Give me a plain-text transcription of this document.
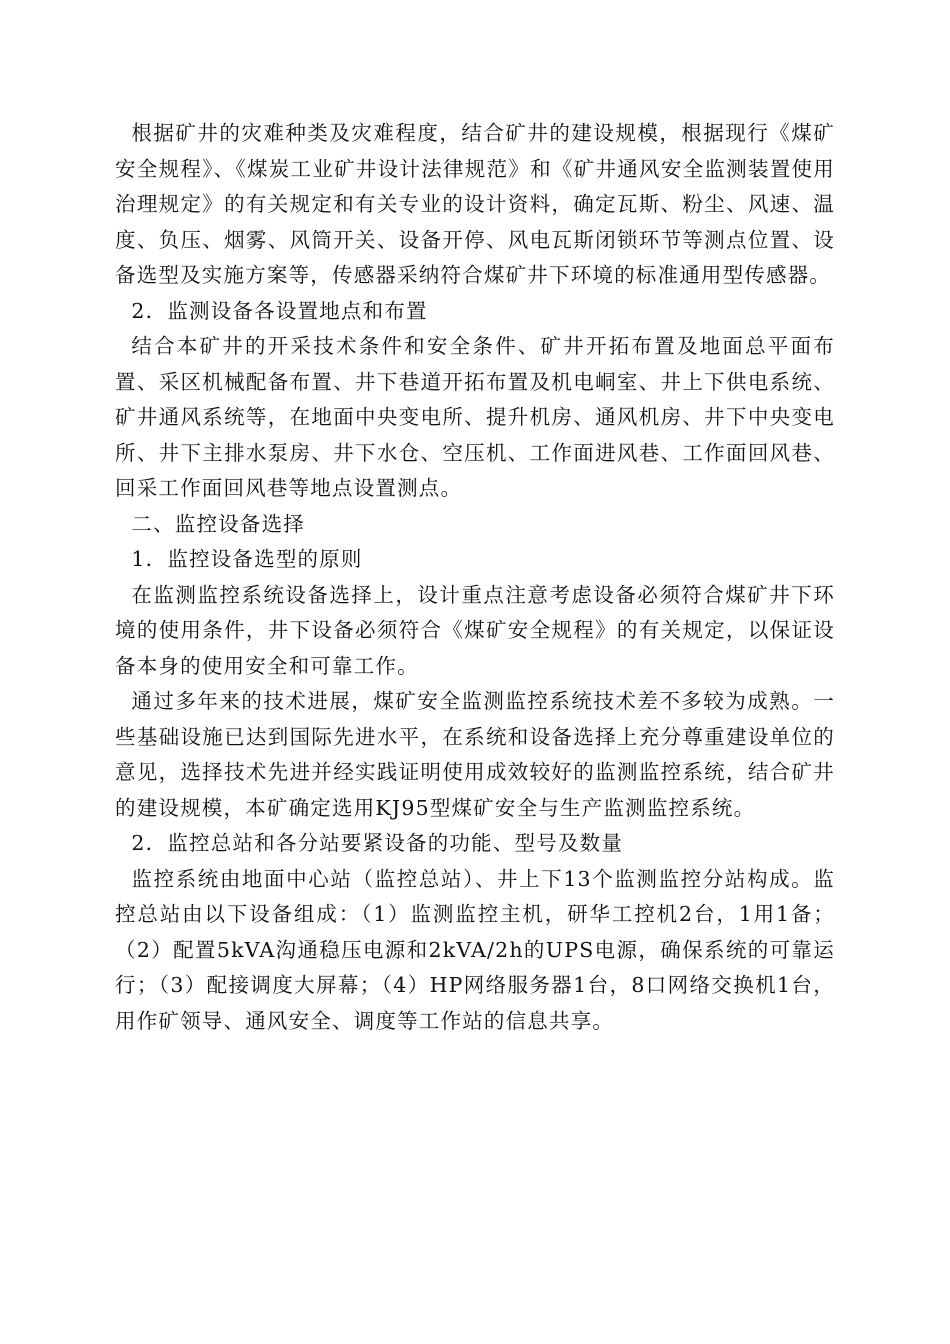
根据矿井的灾难种类及灾难程度，结合矿井的建设规模，根据现行《煤矿安全规程》、《煤炭工业矿井设计法律规范》和《矿井通风安全监测装置使用治理规定》的有关规定和有关专业的设计资料，确定瓦斯、粉尘、风速、温度、负压、烟雾、风筒开关、设备开停、风电瓦斯闭锁环节等测点位置、设备选型及实施方案等，传感器采纳符合煤矿井下环境的标准通用型传感器。

2．监测设备各设置地点和布置

结合本矿井的开采技术条件和安全条件、矿井开拓布置及地面总平面布置、采区机械配备布置、井下巷道开拓布置及机电峒室、井上下供电系统、矿井通风系统等，在地面中央变电所、提升机房、通风机房、井下中央变电所、井下主排水泵房、井下水仓、空压机、工作面进风巷、工作面回风巷、回采工作面回风巷等地点设置测点。

二、监控设备选择

1．监控设备选型的原则

在监测监控系统设备选择上，设计重点注意考虑设备必须符合煤矿井下环境的使用条件，井下设备必须符合《煤矿安全规程》的有关规定，以保证设备本身的使用安全和可靠工作。

通过多年来的技术进展，煤矿安全监测监控系统技术差不多较为成熟。一些基础设施已达到国际先进水平，在系统和设备选择上充分尊重建设单位的意见，选择技术先进并经实践证明使用成效较好的监测监控系统，结合矿井的建设规模，本矿确定选用KJ95型煤矿安全与生产监测监控系统。

2．监控总站和各分站要紧设备的功能、型号及数量

监控系统由地面中心站（监控总站）、井上下13个监测监控分站构成。监控总站由以下设备组成：（1）监测监控主机，研华工控机2台，1用1备；（2）配置5kVA沟通稳压电源和2kVA/2h的UPS电源，确保系统的可靠运行；（3）配接调度大屏幕；（4）HP网络服务器1台，8口网络交换机1台，用作矿领导、通风安全、调度等工作站的信息共享。
